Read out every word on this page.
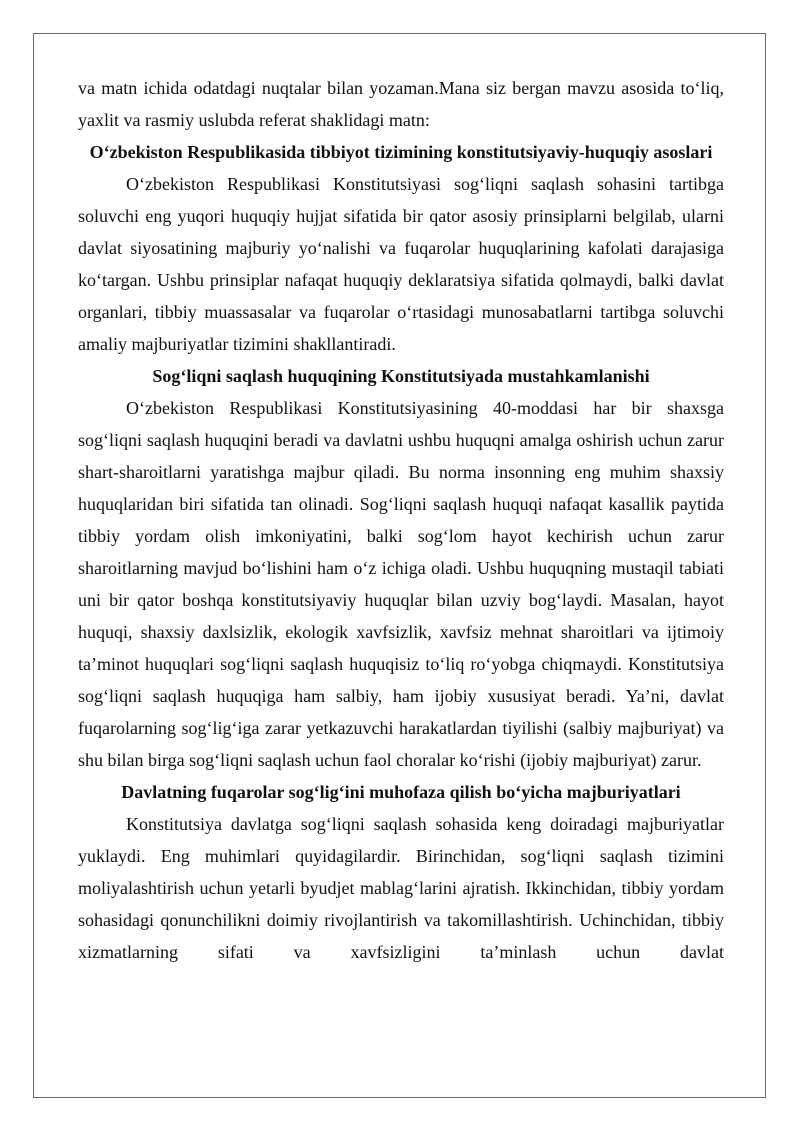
va matn ichida odatdagi nuqtalar bilan yozaman.Mana siz bergan mavzu asosida to‘liq, yaxlit va rasmiy uslubda referat shaklidagi matn:

O‘zbekiston Respublikasida tibbiyot tizimining konstitutsiyaviy-huquqiy asoslari

O‘zbekiston Respublikasi Konstitutsiyasi sog‘liqni saqlash sohasini tartibga soluvchi eng yuqori huquqiy hujjat sifatida bir qator asosiy prinsiplarni belgilab, ularni davlat siyosatining majburiy yo‘nalishi va fuqarolar huquqlarining kafolati darajasiga ko‘targan. Ushbu prinsiplar nafaqat huquqiy deklaratsiya sifatida qolmaydi, balki davlat organlari, tibbiy muassasalar va fuqarolar o‘rtasidagi munosabatlarni tartibga soluvchi amaliy majburiyatlar tizimini shakllantiradi.

Sog‘liqni saqlash huquqining Konstitutsiyada mustahkamlanishi

O‘zbekiston Respublikasi Konstitutsiyasining 40-moddasi har bir shaxsga sog‘liqni saqlash huquqini beradi va davlatni ushbu huquqni amalga oshirish uchun zarur shart-sharoitlarni yaratishga majbur qiladi. Bu norma insonning eng muhim shaxsiy huquqlaridan biri sifatida tan olinadi. Sog‘liqni saqlash huquqi nafaqat kasallik paytida tibbiy yordam olish imkoniyatini, balki sog‘lom hayot kechirish uchun zarur sharoitlarning mavjud bo‘lishini ham o‘z ichiga oladi. Ushbu huquqning mustaqil tabiati uni bir qator boshqa konstitutsiyaviy huquqlar bilan uzviy bog‘laydi. Masalan, hayot huquqi, shaxsiy daxlsizlik, ekologik xavfsizlik, xavfsiz mehnat sharoitlari va ijtimoiy ta’minot huquqlari sog‘liqni saqlash huquqisiz to‘liq ro‘yobga chiqmaydi. Konstitutsiya sog‘liqni saqlash huquqiga ham salbiy, ham ijobiy xususiyat beradi. Ya’ni, davlat fuqarolarning sog‘lig‘iga zarar yetkazuvchi harakatlardan tiyilishi (salbiy majburiyat) va shu bilan birga sog‘liqni saqlash uchun faol choralar ko‘rishi (ijobiy majburiyat) zarur.

Davlatning fuqarolar sog‘lig‘ini muhofaza qilish bo‘yicha majburiyatlari

Konstitutsiya davlatga sog‘liqni saqlash sohasida keng doiradagi majburiyatlar yuklaydi. Eng muhimlari quyidagilardir. Birinchidan, sog‘liqni saqlash tizimini moliyalashtirish uchun yetarli byudjet mablag‘larini ajratish. Ikkinchidan, tibbiy yordam sohasidagi qonunchilikni doimiy rivojlantirish va takomillashtirish. Uchinchidan, tibbiy xizmatlarning sifati va xavfsizligini ta’minlash uchun davlat
